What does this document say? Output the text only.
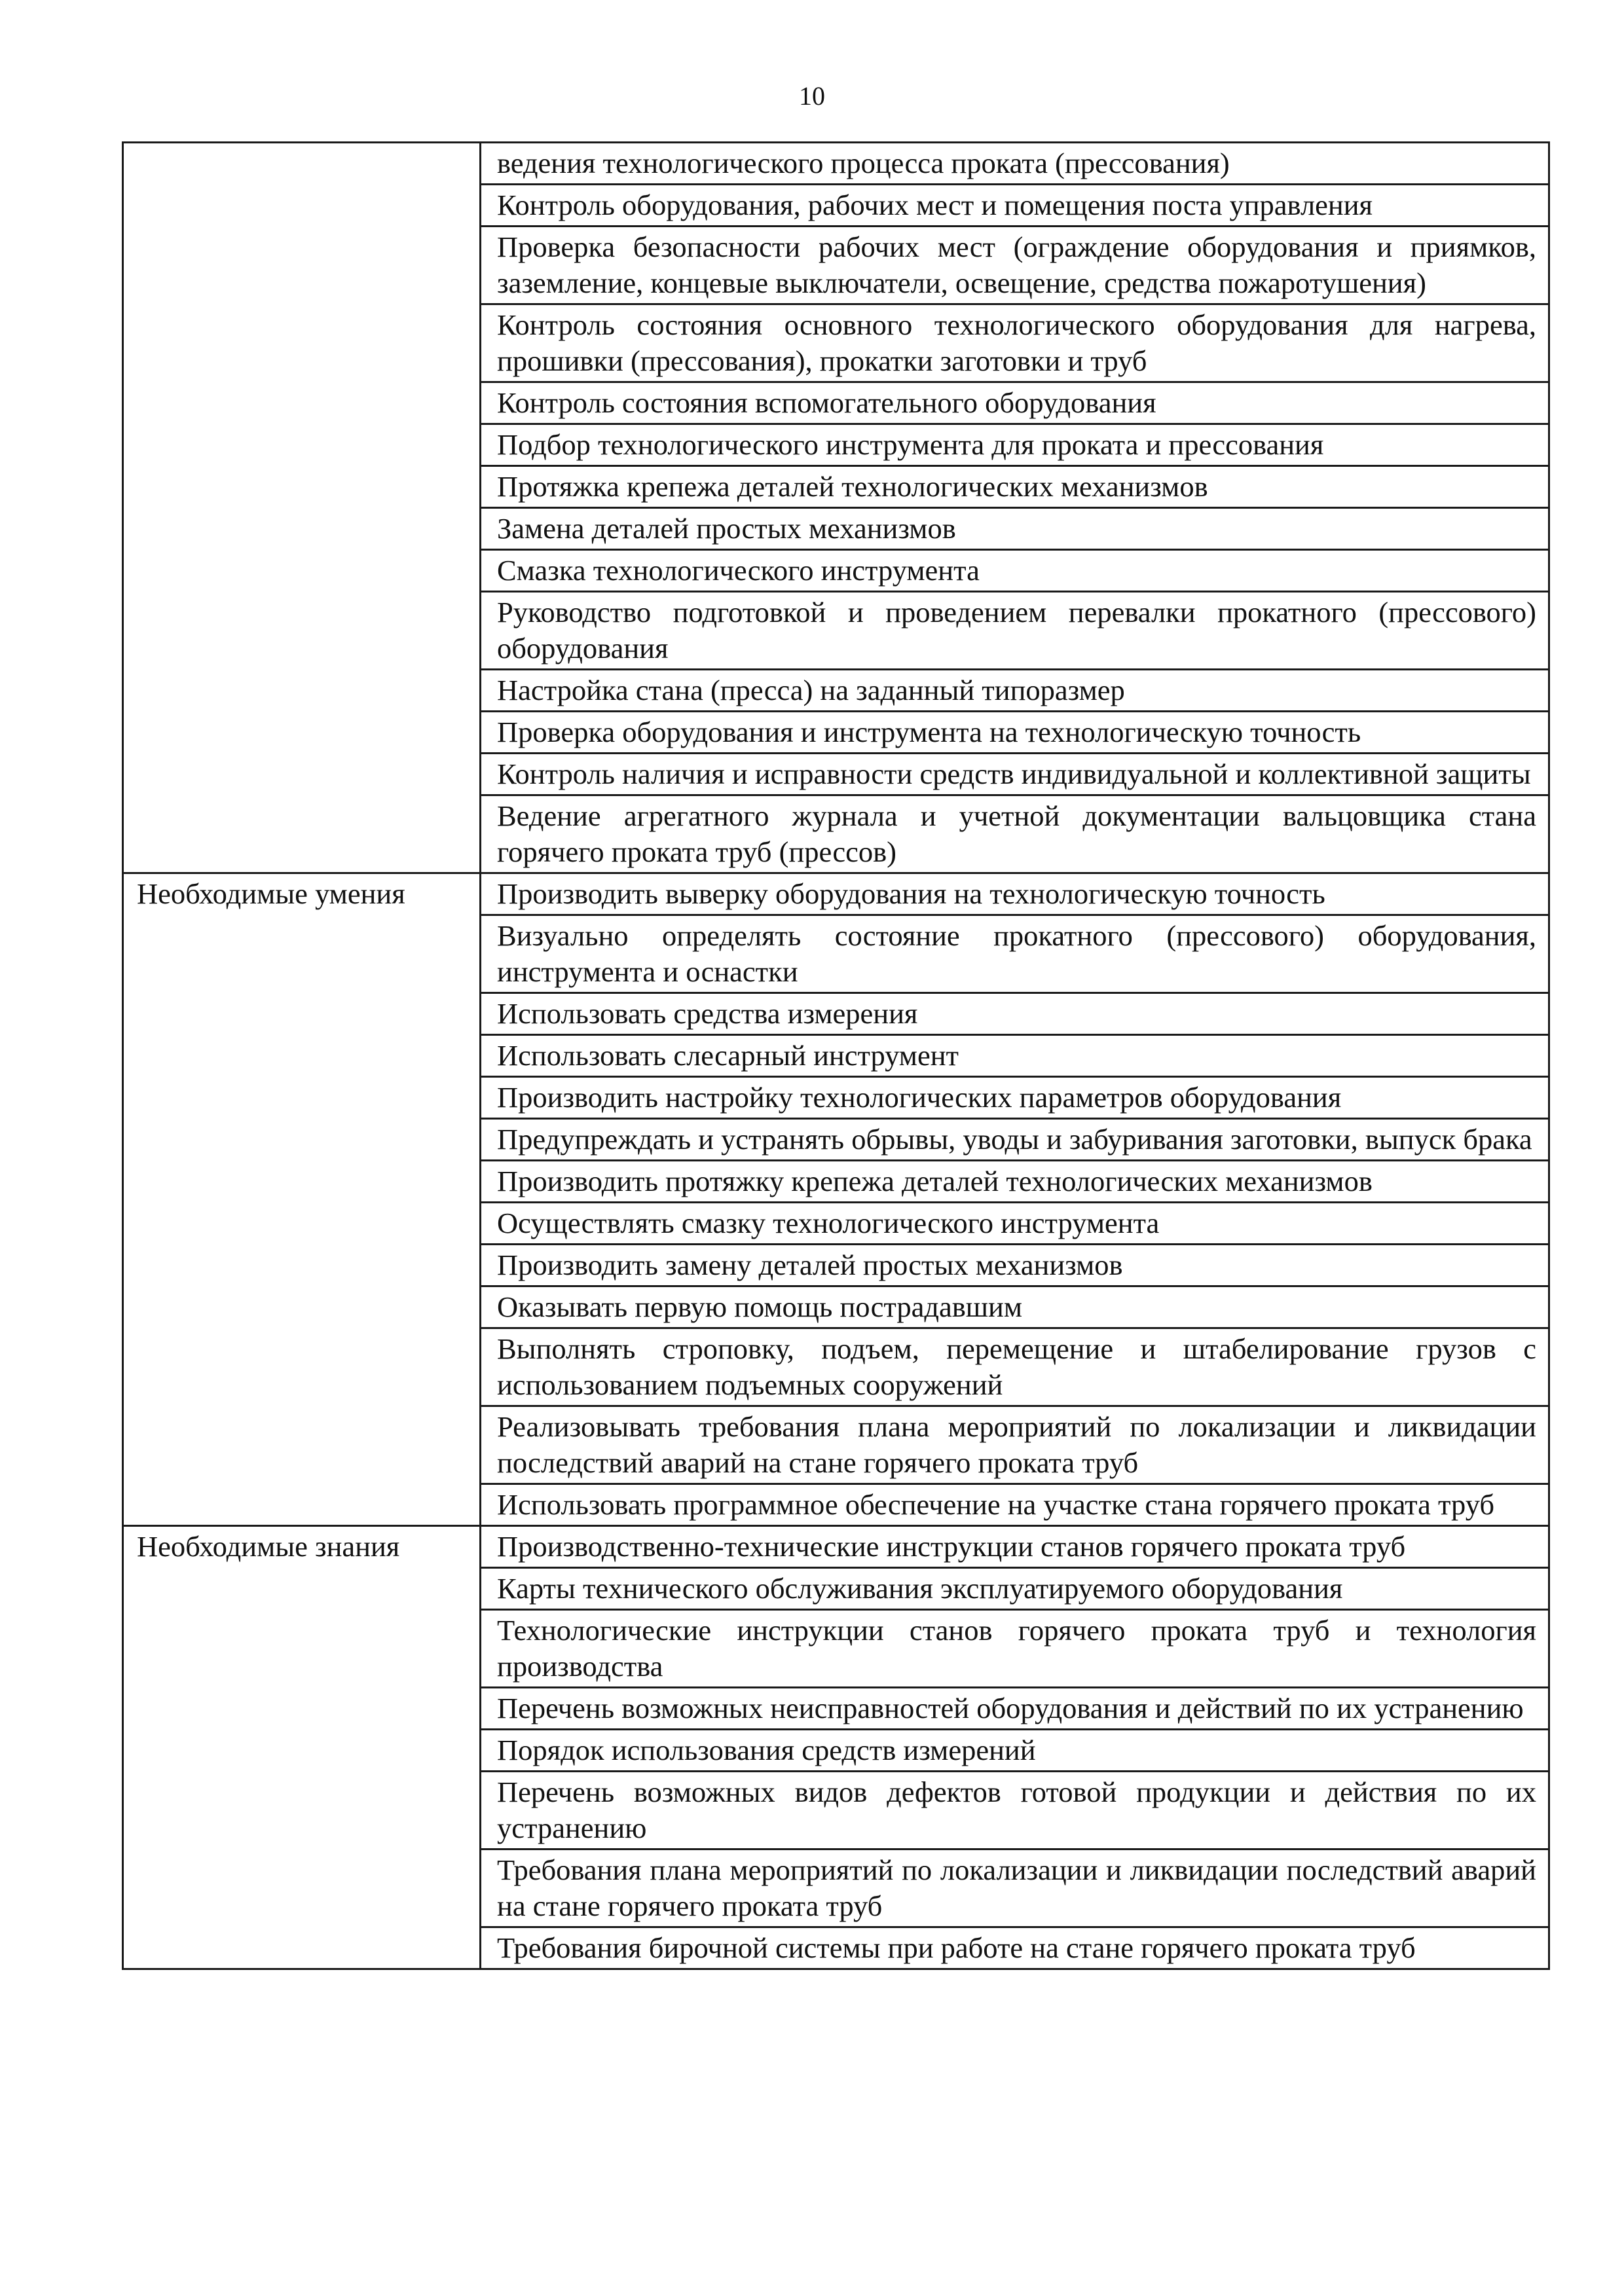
10
	ведения технологического процесса проката (прессования)
	Контроль оборудования, рабочих мест и помещения поста управления
	Проверка безопасности рабочих мест (ограждение оборудования и приямков, заземление, концевые выключатели, освещение, средства пожаротушения)
	Контроль состояния основного технологического оборудования для нагрева, прошивки (прессования), прокатки заготовки и труб
	Контроль состояния вспомогательного оборудования
	Подбор технологического инструмента для проката и прессования
	Протяжка крепежа деталей технологических механизмов
	Замена деталей простых механизмов
	Смазка технологического инструмента
	Руководство подготовкой и проведением перевалки прокатного (прессового) оборудования
	Настройка стана (пресса) на заданный типоразмер
	Проверка оборудования и инструмента на технологическую точность
	Контроль наличия и исправности средств индивидуальной и коллективной защиты
	Ведение агрегатного журнала и учетной документации вальцовщика стана горячего проката труб (прессов)
Необходимые умения	Производить выверку оборудования на технологическую точность
	Визуально определять состояние прокатного (прессового) оборудования, инструмента и оснастки
	Использовать средства измерения
	Использовать слесарный инструмент
	Производить настройку технологических параметров оборудования
	Предупреждать и устранять обрывы, уводы и забуривания заготовки, выпуск брака
	Производить протяжку крепежа деталей технологических механизмов
	Осуществлять смазку технологического инструмента
	Производить замену деталей простых механизмов
	Оказывать первую помощь пострадавшим
	Выполнять строповку, подъем, перемещение и штабелирование грузов с использованием подъемных сооружений
	Реализовывать требования плана мероприятий по локализации и ликвидации последствий аварий на стане горячего проката труб
	Использовать программное обеспечение на участке стана горячего проката труб
Необходимые знания	Производственно-технические инструкции станов горячего проката труб
	Карты технического обслуживания эксплуатируемого оборудования
	Технологические инструкции станов горячего проката труб и технология производства
	Перечень возможных неисправностей оборудования и действий по их устранению
	Порядок использования средств измерений
	Перечень возможных видов дефектов готовой продукции и действия по их устранению
	Требования плана мероприятий по локализации и ликвидации последствий аварий на стане горячего проката труб
	Требования бирочной системы при работе на стане горячего проката труб
